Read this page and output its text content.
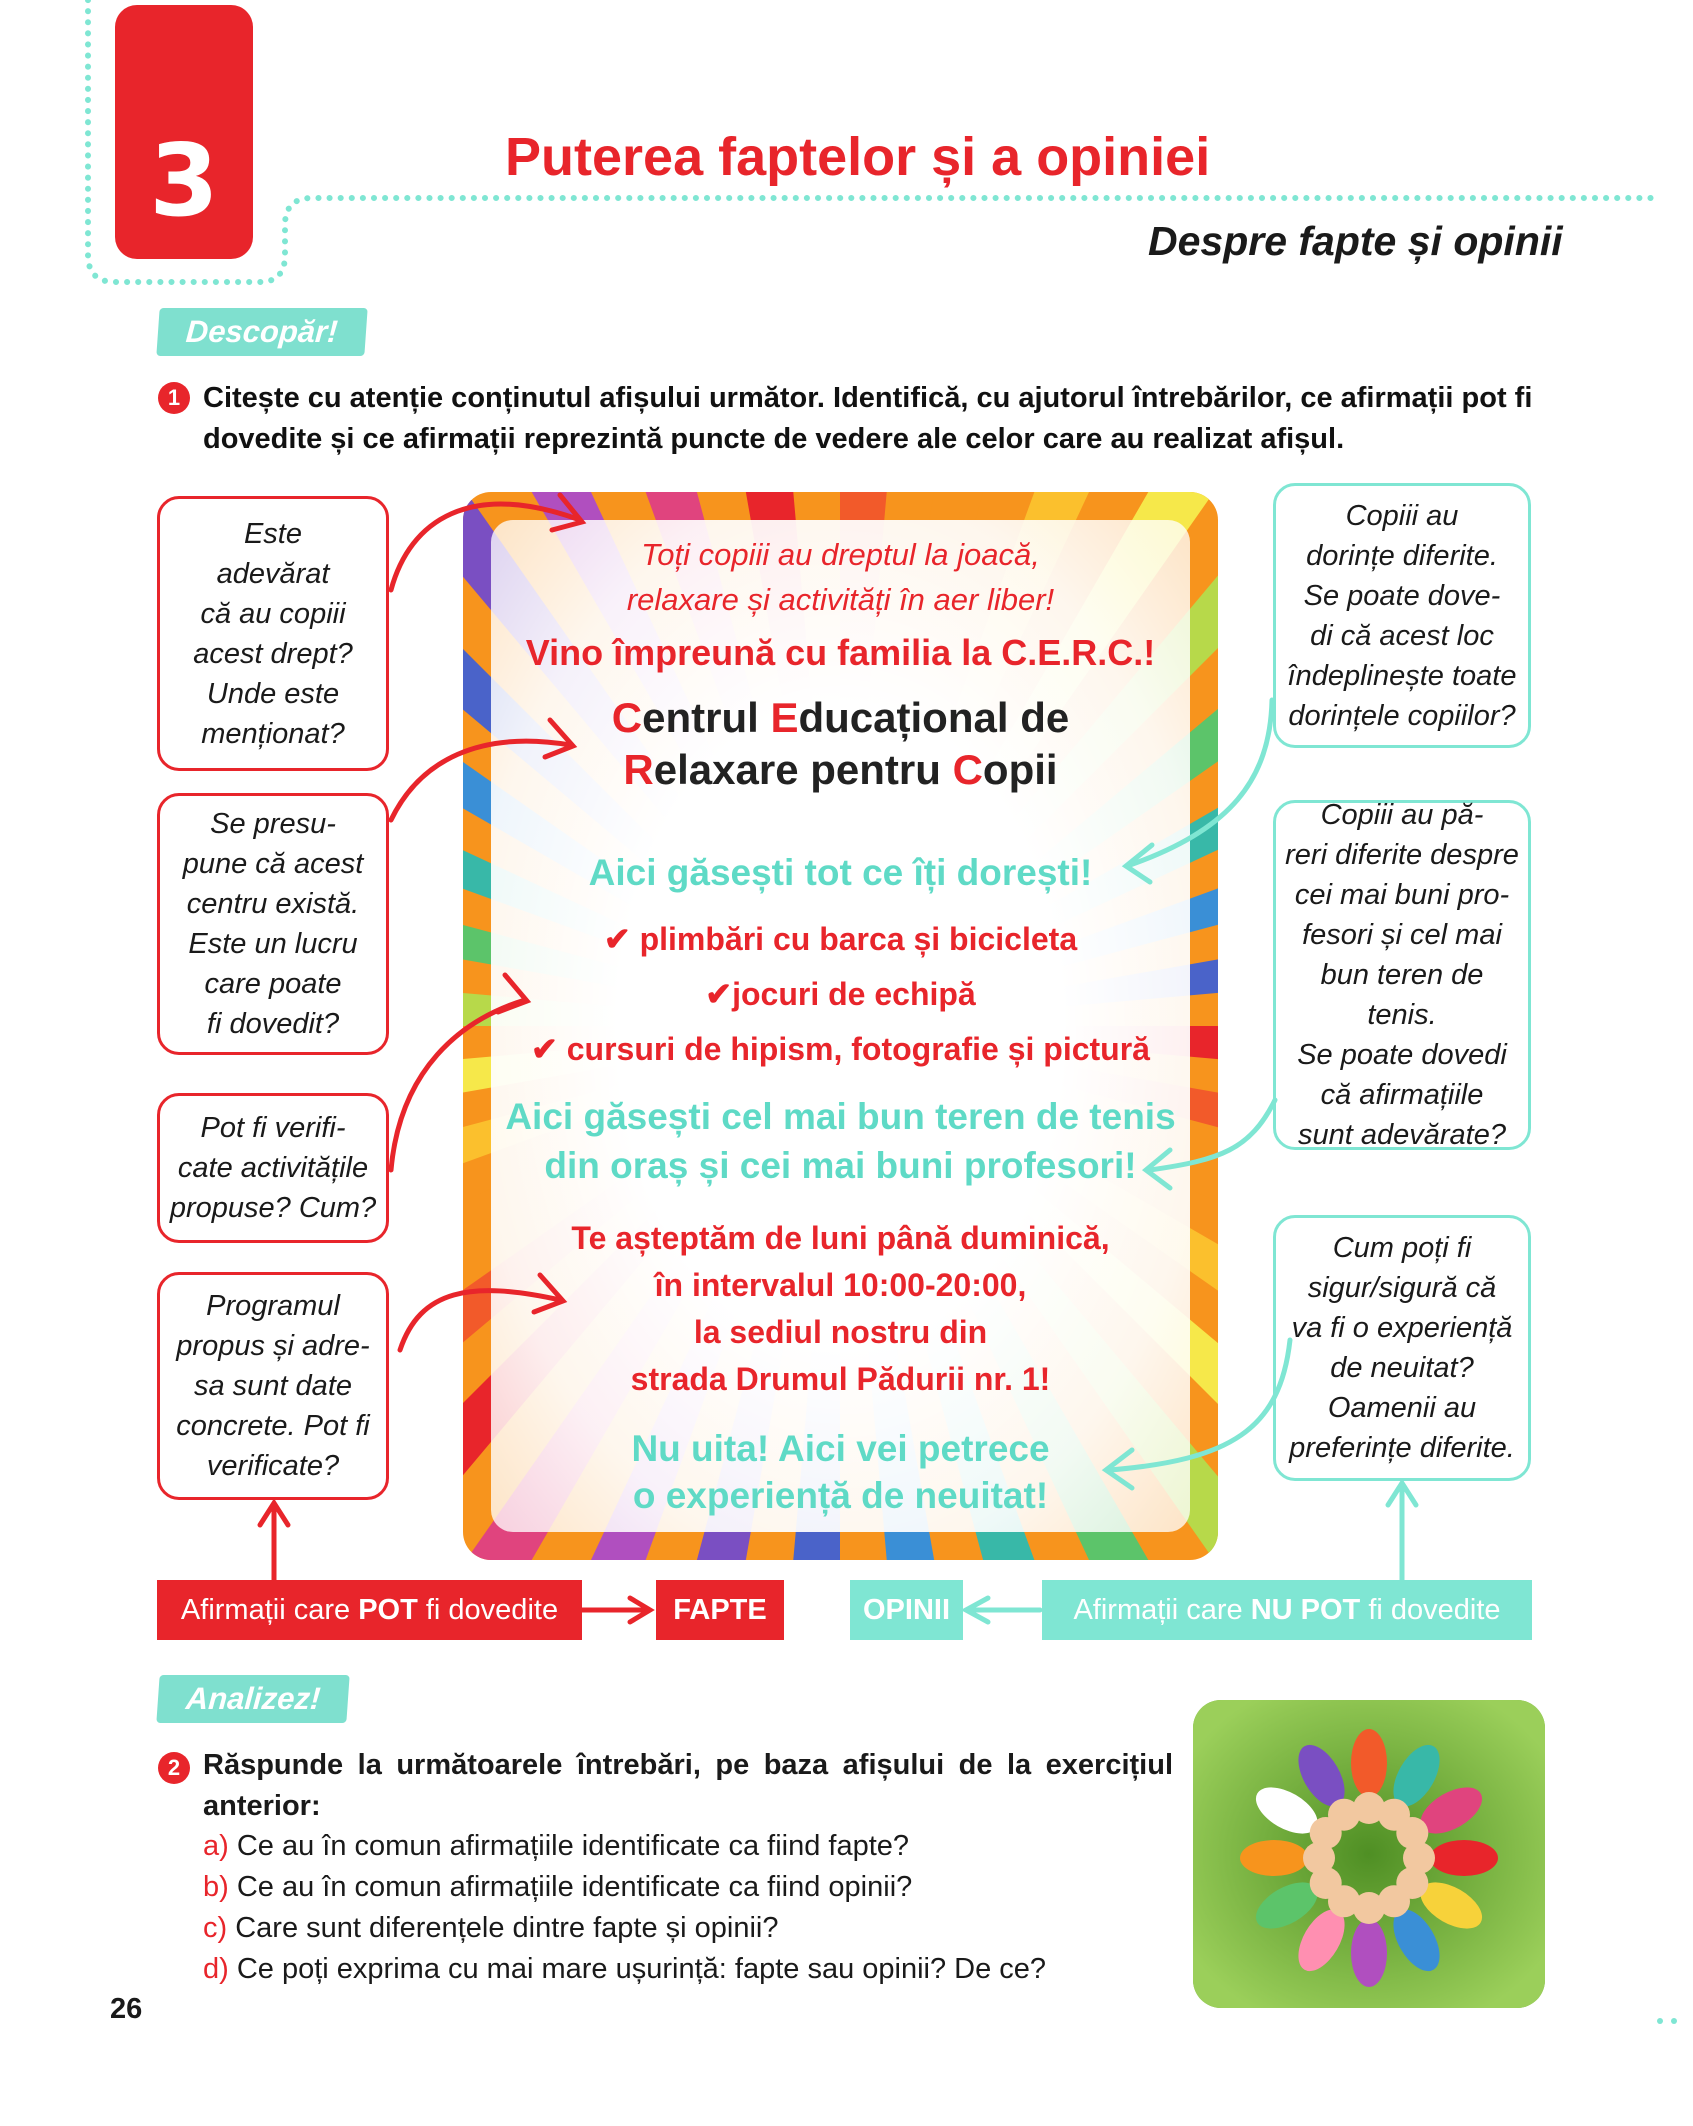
3	Puterea faptelor și a opiniei
Despre fapte și opinii
Descopăr!
1 Citește cu atenție conținutul afișului următor. Identifică, cu ajutorul întrebărilor, ce afirmații pot fi dovedite și ce afirmații reprezintă puncte de vedere ale celor care au realizat afișul.
Este
adevărat
că au copiii
acest drept?
Unde este
menționat?
Se presu-
pune că acest
centru există.
Este un lucru
care poate
fi dovedit?
Pot fi verifi-
cate activitățile
propuse? Cum?
Programul
propus și adre-
sa sunt date
concrete. Pot fi
verificate?
Copiii au
dorințe diferite.
Se poate dove-
di că acest loc
îndeplinește toate
dorințele copiilor?
Copiii au pă-
reri diferite despre
cei mai buni pro-
fesori și cel mai
bun teren de tenis.
Se poate dovedi
că afirmațiile
sunt adevărate?
Cum poți fi
sigur/sigură că
va fi o experiență
de neuitat?
Oamenii au
preferințe diferite.
Toți copiii au dreptul la joacă,
relaxare și activități în aer liber!
Vino împreună cu familia la C.E.R.C.!
Centrul Educațional de
Relaxare pentru Copii
Aici găsești tot ce îți dorești!
✔ plimbări cu barca și bicicleta
✔jocuri de echipă
✔ cursuri de hipism, fotografie și pictură
Aici găsești cel mai bun teren de tenis
din oraș și cei mai buni profesori!
Te așteptăm de luni până duminică,
în intervalul 10:00-20:00,
la sediul nostru din
strada Drumul Pădurii nr. 1!
Nu uita! Aici vei petrece
o experiență de neuitat!
Afirmații care POT fi dovedite	FAPTE	OPINII	Afirmații care NU POT fi dovedite
Analizez!
2 Răspunde la următoarele întrebări, pe baza afișului de la exercițiul anterior:
a) Ce au în comun afirmațiile identificate ca fiind fapte?
b) Ce au în comun afirmațiile identificate ca fiind opinii?
c) Care sunt diferențele dintre fapte și opinii?
d) Ce poți exprima cu mai mare ușurință: fapte sau opinii? De ce?
26
